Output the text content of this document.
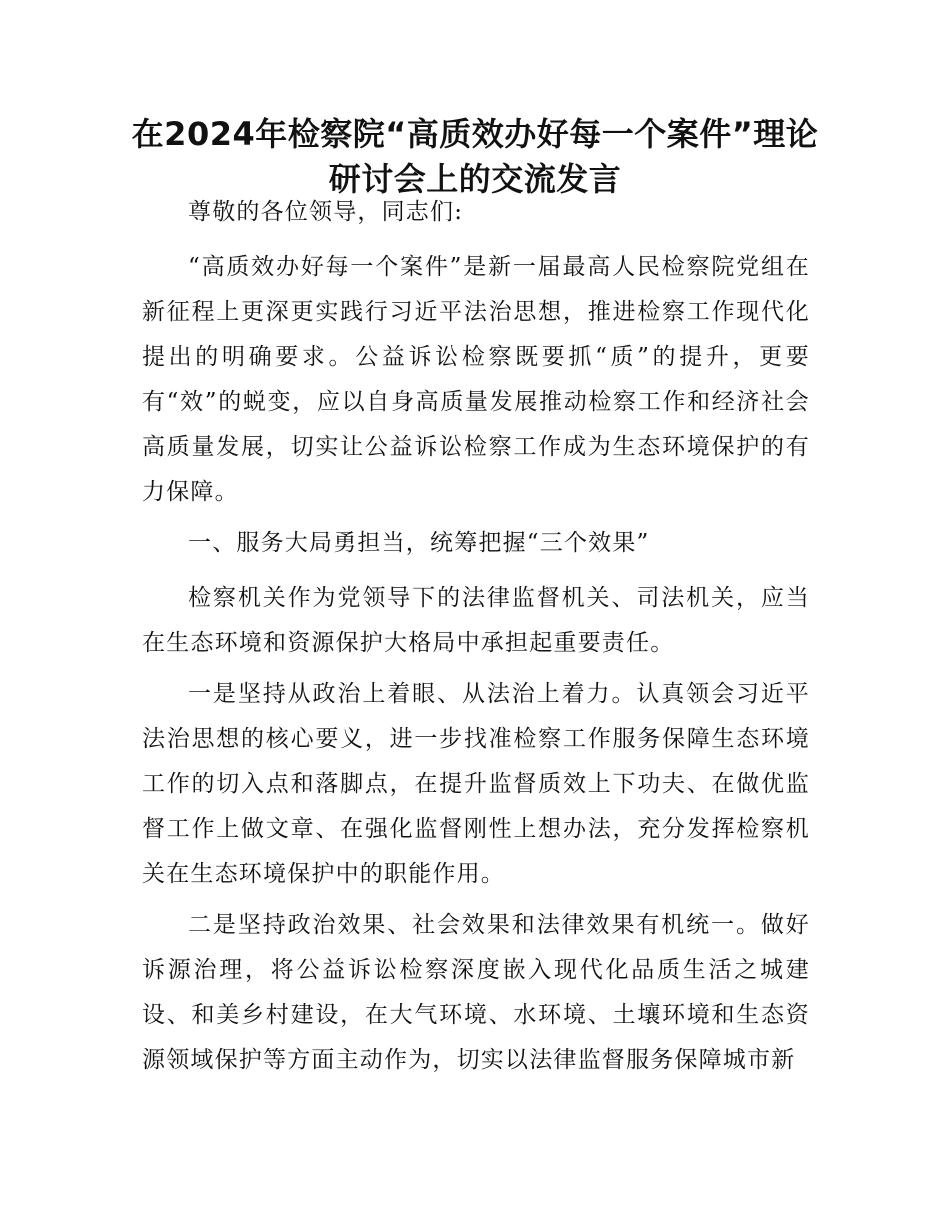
在2024年检察院“高质效办好每一个案件”理论研讨会上的交流发言

尊敬的各位领导，同志们:

“高质效办好每一个案件”是新一届最高人民检察院党组在新征程上更深更实践行习近平法治思想，推进检察工作现代化提出的明确要求。公益诉讼检察既要抓“质”的提升，更要有“效”的蜕变，应以自身高质量发展推动检察工作和经济社会高质量发展，切实让公益诉讼检察工作成为生态环境保护的有力保障。

一、服务大局勇担当，统筹把握“三个效果”

检察机关作为党领导下的法律监督机关、司法机关，应当在生态环境和资源保护大格局中承担起重要责任。

一是坚持从政治上着眼、从法治上着力。认真领会习近平法治思想的核心要义，进一步找准检察工作服务保障生态环境工作的切入点和落脚点，在提升监督质效上下功夫、在做优监督工作上做文章、在强化监督刚性上想办法，充分发挥检察机关在生态环境保护中的职能作用。

二是坚持政治效果、社会效果和法律效果有机统一。做好诉源治理，将公益诉讼检察深度嵌入现代化品质生活之城建设、和美乡村建设，在大气环境、水环境、土壤环境和生态资源领域保护等方面主动作为，切实以法律监督服务保障城市新
